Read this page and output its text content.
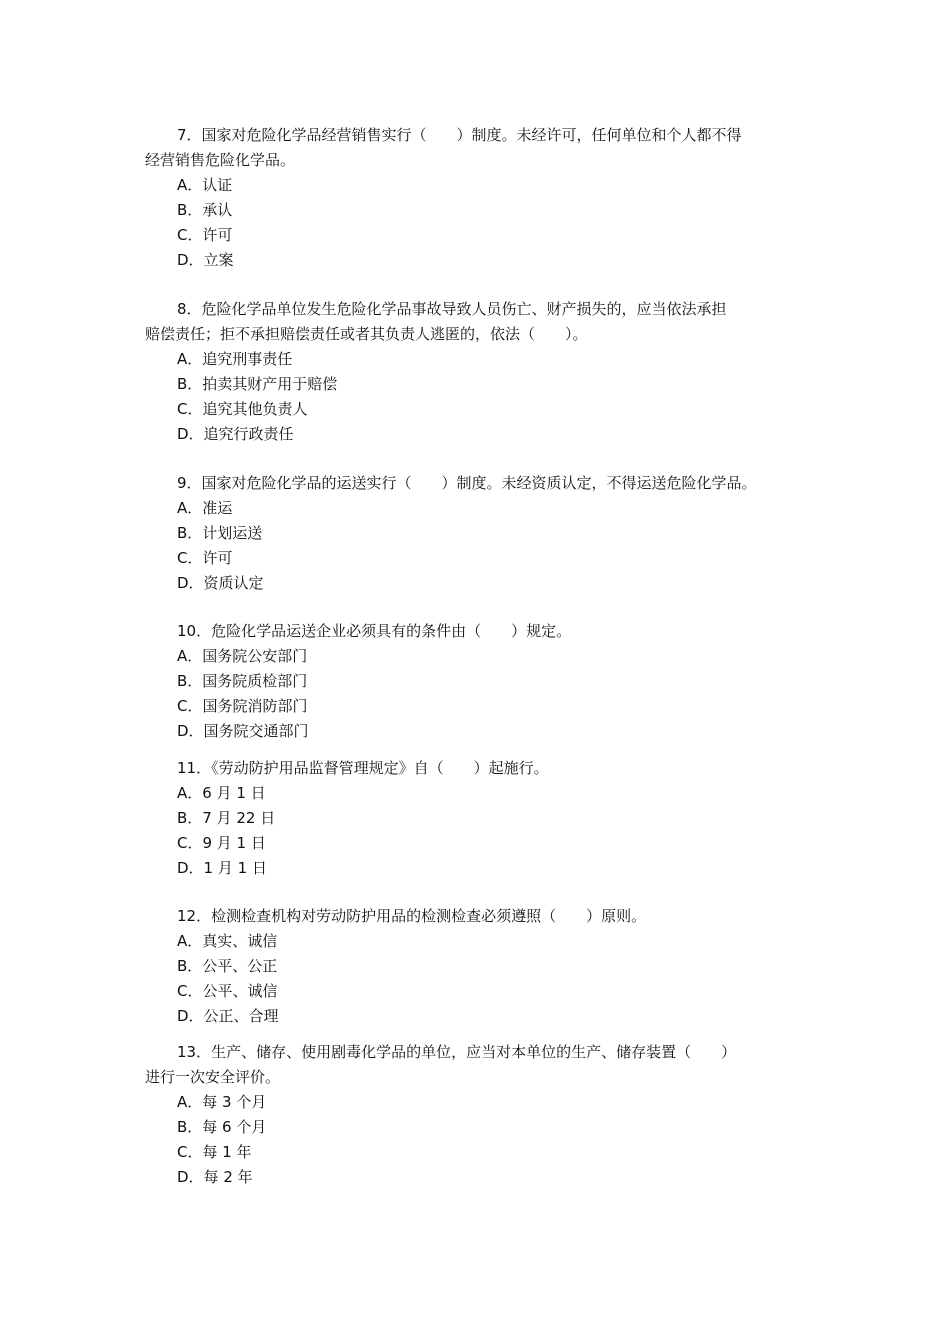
7．国家对危险化学品经营销售实行（　　）制度。未经许可，任何单位和个人都不得
经营销售危险化学品。
A．认证
B．承认
C．许可
D．立案
8．危险化学品单位发生危险化学品事故导致人员伤亡、财产损失的，应当依法承担
赔偿责任；拒不承担赔偿责任或者其负责人逃匿的，依法（　　）。
A．追究刑事责任
B．拍卖其财产用于赔偿
C．追究其他负责人
D．追究行政责任
9．国家对危险化学品的运送实行（　　）制度。未经资质认定，不得运送危险化学品。
A．准运
B．计划运送
C．许可
D．资质认定
10．危险化学品运送企业必须具有的条件由（　　）规定。
A．国务院公安部门
B．国务院质检部门
C．国务院消防部门
D．国务院交通部门
11．《劳动防护用品监督管理规定》自（　　）起施行。
A．6 月 1 日
B．7 月 22 日
C．9 月 1 日
D．1 月 1 日
12．检测检查机构对劳动防护用品的检测检查必须遵照（　　）原则。
A．真实、诚信
B．公平、公正
C．公平、诚信
D．公正、合理
13．生产、储存、使用剧毒化学品的单位，应当对本单位的生产、储存装置（　　）
进行一次安全评价。
A．每 3 个月
B．每 6 个月
C．每 1 年
D．每 2 年
